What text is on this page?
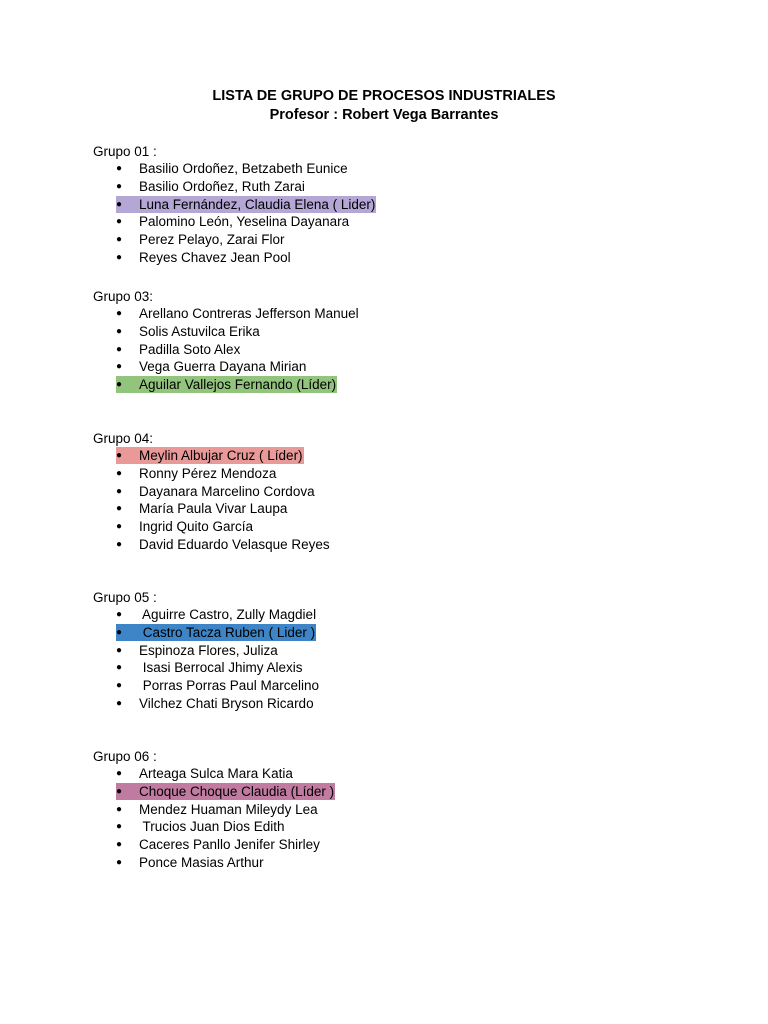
LISTA DE GRUPO DE PROCESOS INDUSTRIALES
Profesor : Robert Vega Barrantes
Grupo 01 :
●	Basilio Ordoñez, Betzabeth Eunice
●	Basilio Ordoñez, Ruth Zarai
●	Luna Fernández, Claudia Elena ( Lider)
●	Palomino León, Yeselina Dayanara
●	Perez Pelayo, Zarai Flor
●	Reyes Chavez Jean Pool
Grupo 03:
●	Arellano Contreras Jefferson Manuel
●	Solis Astuvilca Erika
●	Padilla Soto Alex
●	Vega Guerra Dayana Mirian
●	Aguilar Vallejos Fernando (Líder)
Grupo 04:
●	Meylin Albujar Cruz ( Líder)
●	Ronny Pérez Mendoza
●	Dayanara Marcelino Cordova
●	María Paula Vivar Laupa
●	Ingrid Quito García
●	David Eduardo Velasque Reyes
Grupo 05 :
●	Aguirre Castro, Zully Magdiel
●	Castro Tacza Ruben ( Lider )
●	Espinoza Flores, Juliza
●	Isasi Berrocal Jhimy Alexis
●	Porras Porras Paul Marcelino
●	Vilchez Chati Bryson Ricardo
Grupo 06 :
●	Arteaga Sulca Mara Katia
●	Choque Choque Claudia (Líder )
●	Mendez Huaman Mileydy Lea
●	Trucios Juan Dios Edith
●	Caceres Panllo Jenifer Shirley
●	Ponce Masias Arthur
